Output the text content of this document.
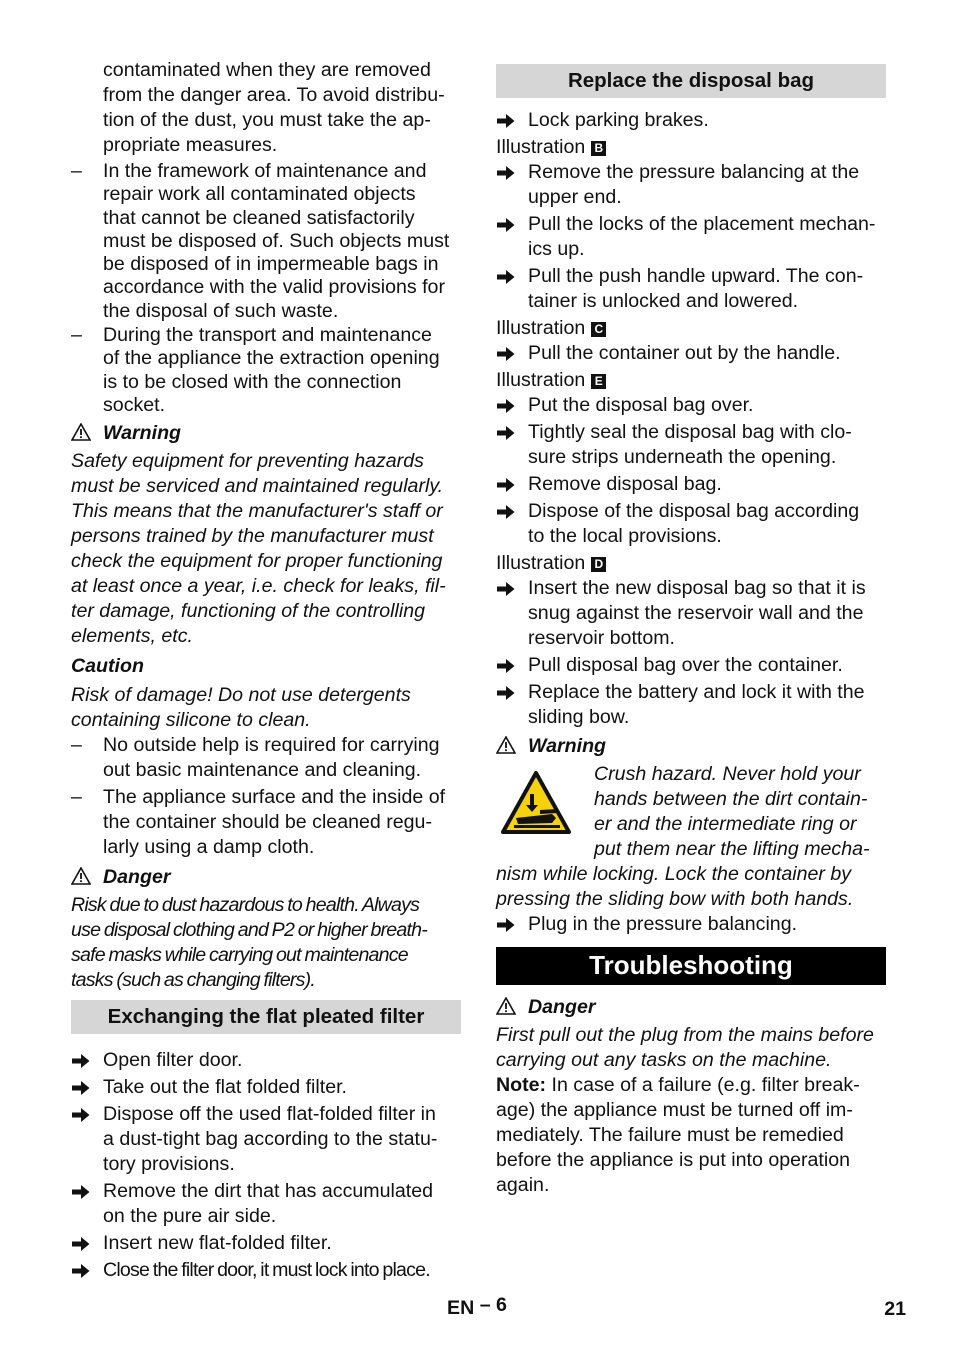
contaminated when they are removed
from the danger area. To avoid distribu-
tion of the dust, you must take the ap-
propriate measures.
–	In the framework of maintenance and
repair work all contaminated objects
that cannot be cleaned satisfactorily
must be disposed of. Such objects must
be disposed of in impermeable bags in
accordance with the valid provisions for
the disposal of such waste.
–	During the transport and maintenance
of the appliance the extraction opening
is to be closed with the connection
socket.
Warning
Safety equipment for preventing hazards
must be serviced and maintained regularly.
This means that the manufacturer's staff or
persons trained by the manufacturer must
check the equipment for proper functioning
at least once a year, i.e. check for leaks, fil-
ter damage, functioning of the controlling
elements, etc.
Caution
Risk of damage! Do not use detergents
containing silicone to clean.
–	No outside help is required for carrying
out basic maintenance and cleaning.
–	The appliance surface and the inside of
the container should be cleaned regu-
larly using a damp cloth.
Danger
Risk due to dust hazardous to health. Always
use disposal clothing and P2 or higher breath-
safe masks while carrying out maintenance
tasks (such as changing filters).
Exchanging the flat pleated filter
Open filter door.
Take out the flat folded filter.
Dispose off the used flat-folded filter in
a dust-tight bag according to the statu-
tory provisions.
Remove the dirt that has accumulated
on the pure air side.
Insert new flat-folded filter.
Close the filter door, it must lock into place.
Replace the disposal bag
Lock parking brakes.
Illustration B
Remove the pressure balancing at the
upper end.
Pull the locks of the placement mechan-
ics up.
Pull the push handle upward. The con-
tainer is unlocked and lowered.
Illustration C
Pull the container out by the handle.
Illustration E
Put the disposal bag over.
Tightly seal the disposal bag with clo-
sure strips underneath the opening.
Remove disposal bag.
Dispose of the disposal bag according
to the local provisions.
Illustration D
Insert the new disposal bag so that it is
snug against the reservoir wall and the
reservoir bottom.
Pull disposal bag over the container.
Replace the battery and lock it with the
sliding bow.
Warning
Crush hazard. Never hold your
hands between the dirt contain-
er and the intermediate ring or
put them near the lifting mecha-
nism while locking. Lock the container by
pressing the sliding bow with both hands.
Plug in the pressure balancing.
Troubleshooting
Danger
First pull out the plug from the mains before
carrying out any tasks on the machine.
Note: In case of a failure (e.g. filter break-
age) the appliance must be turned off im-
mediately. The failure must be remedied
before the appliance is put into operation
again.
EN – 6	21
